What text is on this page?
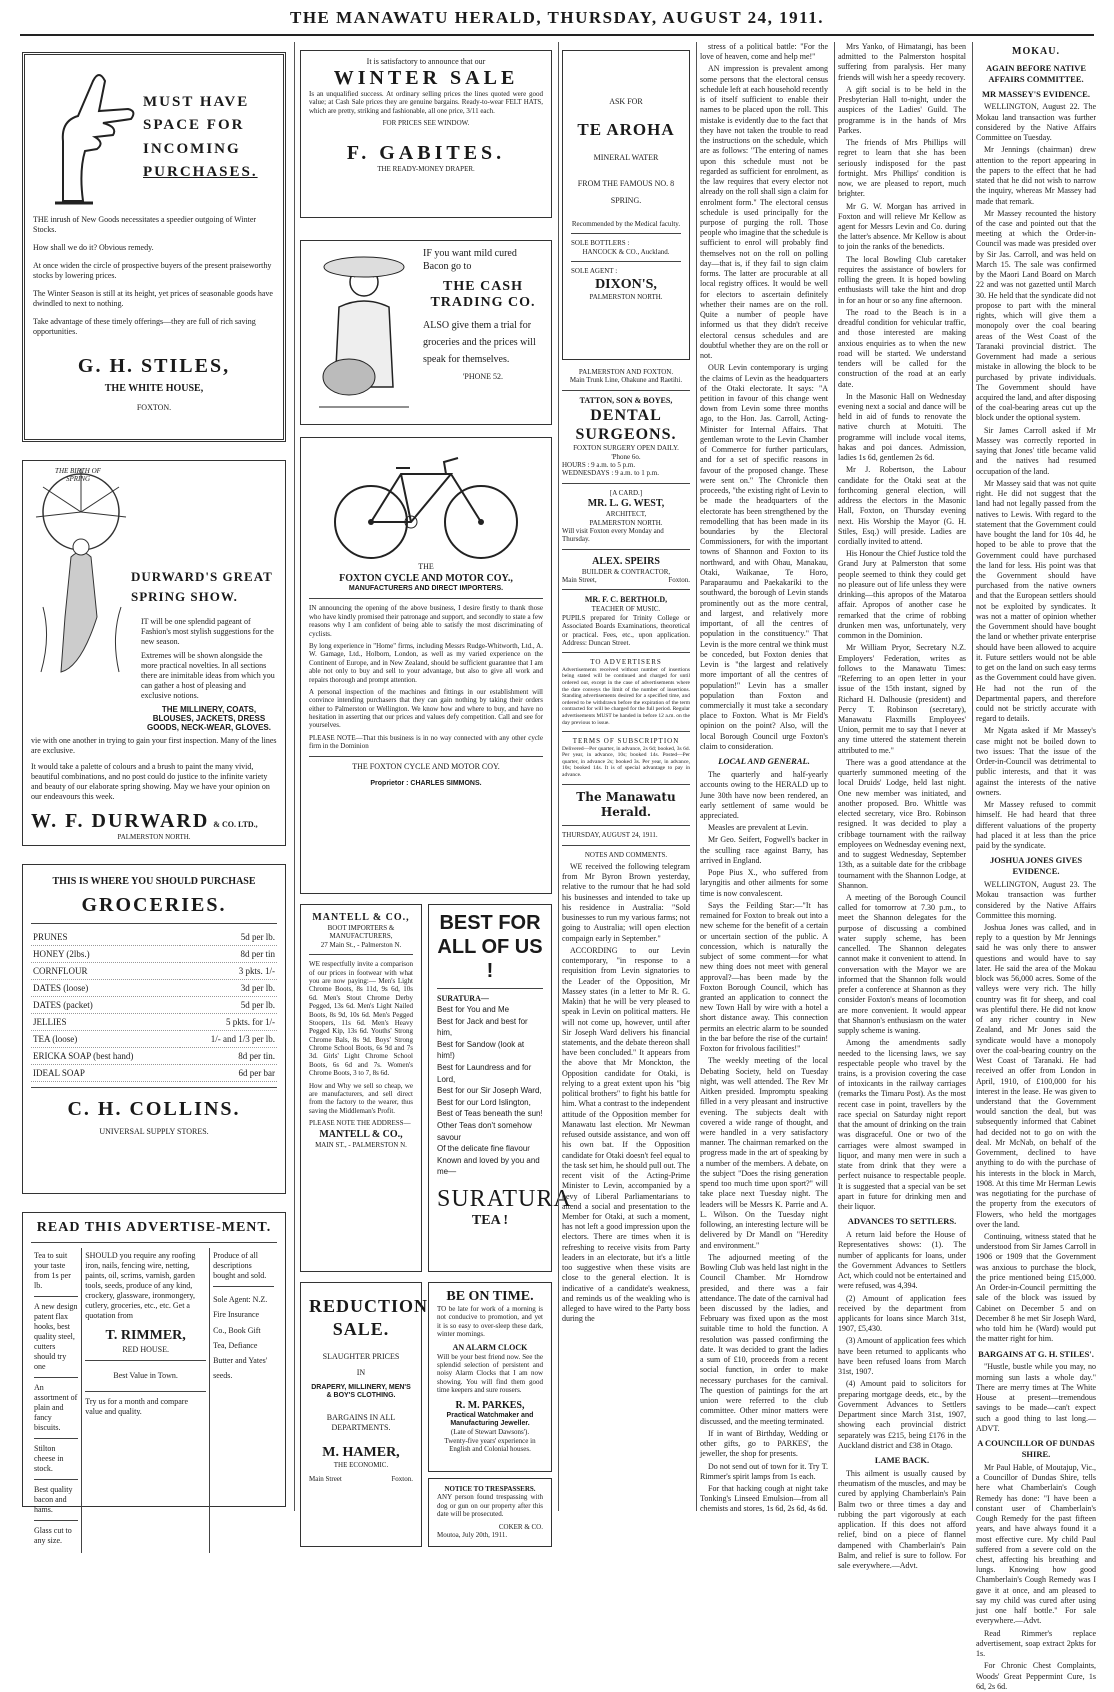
THE MANAWATU HERALD, THURSDAY, AUGUST 24, 1911.
MUST HAVE
SPACE FOR
INCOMING
PURCHASES.

THE inrush of New Goods necessitates a speedier outgoing of Winter Stocks.

How shall we do it? Obvious remedy.

At once widen the circle of prospective buyers of the present praiseworthy stocks by lowering prices.

The Winter Season is still at its height, yet prices of seasonable goods have dwindled to next to nothing.

Take advantage of these timely offerings—they are full of rich saving opportunities.

G. H. STILES,
THE WHITE HOUSE,
FOXTON.
DURWARD'S GREAT SPRING SHOW.
THE BIRTH OF SPRING

IT will be one splendid pageant of Fashion's most stylish suggestions for the new season.

Extremes will be shown alongside the more practical novelties. In all sections there are inimitable ideas from which you can gather a host of pleasing and exclusive notions.

THE MILLINERY, COATS, BLOUSES, JACKETS, DRESS GOODS, NECK-WEAR, GLOVES.

vie with one another in trying to gain your first inspection. Many of the lines are exclusive.

It would take a palette of colours and a brush to paint the many vivid, beautiful combinations, and no post could do justice to the infinite variety and beauty of our elaborate spring showing. May we have your opinion on our endeavours this week.

W. F. DURWARD & CO. LTD.,
PALMERSTON NORTH.
THIS IS WHERE YOU SHOULD PURCHASE
GROCERIES.
PRUNES	5d per lb.
HONEY (2lbs.)	8d per tin
CORNFLOUR	3 pkts. 1/-
DATES (loose)	3d per lb.
DATES (packet)	5d per lb.
JELLIES	5 pkts. for 1/-
TEA (loose)	1/- and 1/3 per lb.
ERICKA SOAP (best hand)	8d per tin.
IDEAL SOAP	6d per bar
C. H. COLLINS.
UNIVERSAL SUPPLY STORES.
READ THIS ADVERTISE-MENT.

Tea to suit your taste from 1s per lb.

A new design patent flax hooks, best quality steel, cutters should try one

An assortment of plain and fancy biscuits.

Stilton cheese in stock.

Best quality bacon and hams.

Glass cut to any size.

SHOULD you require any roofing iron, nails, fencing wire, netting, paints, oil, scrims, varnish, garden tools, seeds, produce of any kind, crockery, glassware, ironmongery, cutlery, groceries, etc., etc. Get a quotation from

T. RIMMER,
RED HOUSE.
Best Value in Town.

Try us for a month and compare value and quality.

Produce of all descriptions bought and sold.

Sole Agent: N.Z. Fire Insurance Co., Book Gift Tea, Defiance Butter and Yates' seeds.

It is satisfactory to announce that our
WINTER SALE

Is an unqualified success. At ordinary selling prices the lines quoted were good value; at Cash Sale prices they are genuine bargains. Ready-to-wear FELT HATS, which are pretty, striking and fashionable, all one price, 3/11 each.

FOR PRICES SEE WINDOW.
F. GABITES.
THE READY-MONEY DRAPER.

IF you want mild cured Bacon go to

THE CASH TRADING CO.

ALSO give them a trial for groceries and the prices will speak for themselves.

'PHONE 52.
THE
FOXTON CYCLE AND MOTOR COY.,
MANUFACTURERS AND DIRECT IMPORTERS.

IN announcing the opening of the above business, I desire firstly to thank those who have kindly promised their patronage and support, and secondly to state a few reasons why I am confident of being able to satisfy the most discriminating of cyclists.

By long experience in "Home" firms, including Messrs Rudge-Whitworth, Ltd., A. W. Gamage, Ltd., Holborn, London, as well as my varied experience on the Continent of Europe, and in New Zealand, should be sufficient guarantee that I am able not only to buy and sell to your advantage, but also to give all work and repairs thorough and prompt attention.

A personal inspection of the machines and fittings in our establishment will convince intending purchasers that they can gain nothing by taking their orders either to Palmerston or Wellington. We know how and where to buy, and have no hesitation in asserting that our prices and values defy competition. Call and see for yourselves.

PLEASE NOTE—That this business is in no way connected with any other cycle firm in the Dominion

THE FOXTON CYCLE AND MOTOR COY.
Proprietor : CHARLES SIMMONS.
MANTELL & CO.,
BOOT IMPORTERS & MANUFACTURERS,
27 Main St., - Palmerston N.

WE respectfully invite a comparison of our prices in footwear with what you are now paying:— Men's Light Chrome Boots, 8s 11d, 9s 6d, 10s 6d. Men's Stout Chrome Derby Pegged, 13s 6d. Men's Light Nailed Boots, 8s 9d, 10s 6d. Men's Pegged Stoopers, 11s 6d. Men's Heavy Pegged Kip, 13s 6d. Youths' Strong Chrome Bals, 8s 9d. Boys' Strong Chrome School Boots, 6s 9d and 7s 3d. Girls' Light Chrome School Boots, 6s 6d and 7s. Women's Chrome Boots, 3 to 7, 8s 6d.

How and Why we sell so cheap, we are manufacturers, and sell direct from the factory to the wearer, thus saving the Middleman's Profit.

PLEASE NOTE THE ADDRESS—
MANTELL & CO.,
MAIN ST., - PALMERSTON N.
BEST FOR ALL OF US !
SURATURA—
Best for You and Me
Best for Jack and best for him,
Best for Sandow (look at him!)
Best for Laundress and for Lord,
Best for our Sir Joseph Ward,
Best for our Lord Islington,
Best of Teas beneath the sun!
Other Teas don't somehow savour
Of the delicate fine flavour
Known and loved by you and me—
SURATURA
TEA !
REDUCTION SALE.
SLAUGHTER PRICES
IN
DRAPERY, MILLINERY, MEN'S & BOY'S CLOTHING.
BARGAINS IN ALL DEPARTMENTS.
M. HAMER,
THE ECONOMIC.
Main Street	Foxton.
BE ON TIME.

TO be late for work of a morning is not conducive to promotion, and yet it is so easy to over-sleep these dark, winter mornings.

AN ALARM CLOCK

Will be your best friend now. See the splendid selection of persistent and noisy Alarm Clocks that I am now showing. You will find them good time keepers and sure rousers.

R. M. PARKES,
Practical Watchmaker and Manufacturing Jeweller.
(Late of Stewart Dawsons').
Twenty-five years' experience in English and Colonial houses.
NOTICE TO TRESPASSERS.

ANY person found trespassing with dog or gun on our property after this date will be prosecuted.

COKER & CO.
Moutoa, July 20th, 1911.
ASK FOR
TE AROHA
MINERAL WATER
FROM THE FAMOUS NO. 8 SPRING.
Recommended by the Medical faculty.
SOLE BOTTLERS :
HANCOCK & CO., Auckland.
SOLE AGENT :
DIXON'S,
PALMERSTON NORTH.
PALMERSTON AND FOXTON.
Main Trunk Line, Ohakune and Raetihi.
TATTON, SON & BOYES,
DENTAL SURGEONS.
FOXTON SURGERY OPEN DAILY.
'Phone 6o.
HOURS : 9 a.m. to 5 p.m.
WEDNESDAYS : 9 a.m. to 1 p.m.
[A CARD.]
MR. L. G. WEST,
ARCHITECT,
PALMERSTON NORTH.
Will visit Foxton every Monday and Thursday.
ALEX. SPEIRS
BUILDER & CONTRACTOR,
Main Street,	Foxton.
MR. F. C. BERTHOLD,
TEACHER OF MUSIC.

PUPILS prepared for Trinity College or Associated Boards Examinations, theoretical or practical. Fees, etc., upon application. Address: Duncan Street.

TO ADVERTISERS

Advertisements received without number of insertions being stated will be continued and charged for until ordered out, except in the case of advertisements where the date conveys the limit of the number of insertions. Standing advertisements desired for a specified time, and ordered to be withdrawn before the expiration of the term contracted for will be charged for the full period. Regular advertisements MUST be handed in before 12 a.m. on the day previous to issue.

TERMS OF SUBSCRIPTION

Delivered—Per quarter, in advance, 2s 6d; booked, 3s 6d. Per year, in advance, 10s; booked 14s. Posted—Per quarter, in advance 2s; booked 3s. Per year, in advance, 10s; booked 14s. It is of special advantage to pay in advance.

The Manawatu Herald.
THURSDAY, AUGUST 24, 1911.
NOTES AND COMMENTS.

WE received the following telegram from Mr Byron Brown yesterday, relative to the rumour that he had sold his businesses and intended to take up his residence in Australia: "Sold businesses to run my various farms; not going to Australia; will open election compaign early in September."

ACCORDING to our Levin contemporary, "in response to a requisition from Levin signatories to the Leader of the Opposition, Mr Massey states (in a letter to Mr R. G. Makin) that he will be very pleased to speak in Levin on political matters. He will not come up, however, until after Sir Joseph Ward delivers his financial statements, and the debate thereon shall have been concluded." It appears from the above that Mr Monckton, the Opposition candidate for Otaki, is relying to a great extent upon his "big political brothers" to fight his battle for him. What a contrast to the independent attitude of the Opposition member for Manawatu last election. Mr Newman refused outside assistance, and won off his own bat. If the Opposition candidate for Otaki doesn't feel equal to the task set him, he should pull out. The recent visit of the Acting-Prime Minister to Levin, accompanied by a bevy of Liberal Parliamentarians to attend a social and presentation to the Member for Otaki, at such a moment, has not left a good impression upon the electors. There are times when it is refreshing to receive visits from Party leaders in an electorate, but it's a little too suggestive when these visits are close to the general election. It is indicative of a candidate's weakness, and reminds us of the weakling who is alleged to have wired to the Party boss during the

stress of a political battle: "For the love of heaven, come and help me!"

AN impression is prevalent among some persons that the electoral census schedule left at each household recently is of itself sufficient to enable their names to be placed upon the roll. This mistake is evidently due to the fact that they have not taken the trouble to read the instructions on the schedule, which are as follows: "The entering of names upon this schedule must not be regarded as sufficient for enrolment, as the law requires that every elector not already on the roll shall sign a claim for enrolment form." The electoral census schedule is used principally for the purpose of purging the roll. Those people who imagine that the schedule is sufficient to enrol will probably find themselves not on the roll on polling day—that is, if they fail to sign claim forms. The latter are procurable at all local registry offices. It would be well for electors to ascertain definitely whether their names are on the roll. Quite a number of people have informed us that they didn't receive electoral census schedules and are doubtful whether they are on the roll or not.

OUR Levin contemporary is urging the claims of Levin as the headquarters of the Otaki electorate. It says: "A petition in favour of this change went down from Levin some three months ago, to the Hon. Jas. Carroll, Acting-Minister for Internal Affairs. That gentleman wrote to the Levin Chamber of Commerce for further particulars, and for a set of specific reasons in favour of the proposed change. These were sent on." The Chronicle then proceeds, "the existing right of Levin to be made the headquarters of the electorate has been strengthened by the remodelling that has been made in its boundaries by the Electoral Commissioners, for with the important towns of Shannon and Foxton to its northward, and with Ohau, Manakau, Otaki, Waikanae, Te Horo, Paraparaumu and Paekakariki to the southward, the borough of Levin stands prominently out as the more central, and largest, and relatively more important, of all the centres of population in the constituency." That Levin is the more central we think must be conceded, but Foxton denies that Levin is "the largest and relatively more important of all the centres of population!" Levin has a smaller population than Foxton and commercially it must take a secondary place to Foxton. What is Mr Field's opinion on the point? Also, will the local Borough Council urge Foxton's claim to consideration.

LOCAL AND GENERAL.

The quarterly and half-yearly accounts owing to the HERALD up to June 30th have now been rendered, an early settlement of same would be appreciated.

Measles are prevalent at Levin.

Mr Geo. Seifert, Fogwell's backer in the sculling race against Barry, has arrived in England.

Pope Pius X., who suffered from laryngitis and other ailments for some time is now convalescent.

Says the Feilding Star:—"It has remained for Foxton to break out into a new scheme for the benefit of a certain or uncertain section of the public. A concession, which is naturally the subject of some comment—for what new thing does not meet with general approval?—has been made by the Foxton Borough Council, which has granted an application to connect the new Town Hall by wire with a hotel a short distance away. This connection permits an electric alarm to be sounded in the bar before the rise of the curtain! Foxton for frivolous facilities!"

The weekly meeting of the local Debating Society, held on Tuesday night, was well attended. The Rev Mr Aitken presided. Impromptu speaking filled in a very pleasant and instructive evening. The subjects dealt with covered a wide range of thought, and were handled in a very satisfactory manner. The chairman remarked on the progress made in the art of speaking by a number of the members. A debate, on the subject "Does the rising generation spend too much time upon sport?" will take place next Tuesday night. The leaders will be Messrs K. Parrie and A. L. Wilson. On the Tuesday night following, an interesting lecture will be delivered by Dr Mandl on "Heredity and environment."

The adjourned meeting of the Bowling Club was held last night in the Council Chamber. Mr Horndrow presided, and there was a fair attendance. The date of the carnival had been discussed by the ladies, and February was fixed upon as the most suitable time to hold the function. A resolution was passed confirming the date. It was decided to grant the ladies a sum of £10, proceeds from a recent social function, in order to make necessary purchases for the carnival. The question of paintings for the art union were referred to the club committee. Other minor matters were discussed, and the meeting terminated.

If in want of Birthday, Wedding or other gifts, go to PARKES', the jeweller, the shop for presents.

Do not send out of town for it. Try T. Rimmer's spirit lamps from 1s each.

For that hacking cough at night take Tonking's Linseed Emulsion—from all chemists and stores, 1s 6d, 2s 6d, 4s 6d.

Mrs Yanko, of Himatangi, has been admitted to the Palmerston hospital suffering from paralysis. Her many friends will wish her a speedy recovery.

A gift social is to be held in the Presbyterian Hall to-night, under the auspices of the Ladies' Guild. The programme is in the hands of Mrs Parkes.

The friends of Mrs Phillips will regret to learn that she has been seriously indisposed for the past fortnight. Mrs Phillips' condition is now, we are pleased to report, much brighter.

Mr G. W. Morgan has arrived in Foxton and will relieve Mr Kellow as agent for Messrs Levin and Co. during the latter's absence. Mr Kellow is about to join the ranks of the benedicts.

The local Bowling Club caretaker requires the assistance of bowlers for rolling the green. It is hoped bowling enthusiasts will take the hint and drop in for an hour or so any fine afternoon.

The road to the Beach is in a dreadful condition for vehicular traffic, and those interested are making anxious enquiries as to when the new road will be started. We understand tenders will be called for the construction of the road at an early date.

In the Masonic Hall on Wednesday evening next a social and dance will be held in aid of funds to renovate the native church at Motuiti. The programme will include vocal items, hakas and poi dances. Admission, ladies 1s 6d, gentlemen 2s 6d.

Mr J. Robertson, the Labour candidate for the Otaki seat at the forthcoming general election, will address the electors in the Masonic Hall, Foxton, on Thursday evening next. His Worship the Mayor (G. H. Stiles, Esq.) will preside. Ladies are cordially invited to attend.

His Honour the Chief Justice told the Grand Jury at Palmerston that some people seemed to think they could get no pleasure out of life unless they were drinking—this apropos of the Mataroa affair. Apropos of another case he remarked that the crime of robbing drunken men was, unfortunately, very common in the Dominion.

Mr William Pryor, Secretary N.Z. Employers' Federation, writes as follows to the Manawatu Times: "Referring to an open letter in your issue of the 15th instant, signed by Richard H. Dalhousie (president) and Percy T. Robinson (secretary), Manawatu Flaxmills Employees' Union, permit me to say that I never at any time uttered the statement therein attributed to me."

There was a good attendance at the quarterly summoned meeting of the local Druids' Lodge, held last night. One new member was initiated, and another proposed. Bro. Whittle was elected secretary, vice Bro. Robinson resigned. It was decided to play a cribbage tournament with the railway employees on Wednesday evening next, and to suggest Wednesday, September 13th, as a suitable date for the cribbage tournament with the Shannon Lodge, at Shannon.

A meeting of the Borough Council called for tomorrow at 7.30 p.m., to meet the Shannon delegates for the purpose of discussing a combined water supply scheme, has been cancelled. The Shannon delegates cannot make it convenient to attend. In conversation with the Mayor we are informed that the Shannon folk would prefer a conference at Shannon as they consider Foxton's means of locomotion are more convenient. It would appear that Shannon's enthusiasm on the water supply scheme is waning.

Among the amendments sadly needed to the licensing laws, we say respectable people who travel by the trains, is a provision covering the case of intoxicants in the railway carriages (remarks the Timaru Post). As the most recent case in point, travellers by the race special on Saturday night report that the amount of drinking on the train was disgraceful. One or two of the carriages were almost swamped in liquor, and many men were in such a state from drink that they were a perfect nuisance to respectable people. It is suggested that a special van be set apart in future for drinking men and their liquor.

ADVANCES TO SETTLERS.

A return laid before the House of Representatives shows: (1). The number of applicants for loans, under the Government Advances to Settlers Act, which could not be entertained and were refused, was 4,394.

(2) Amount of application fees received by the department from applicants for loans since March 31st, 1907, £5,430.

(3) Amount of application fees which have been returned to applicants who have been refused loans from March 31st, 1907.

(4) Amount paid to solicitors for preparing mortgage deeds, etc., by the Government Advances to Settlers Department since March 31st, 1907, showing each provincial district separately was £215, being £176 in the Auckland district and £38 in Otago.

LAME BACK.

This ailment is usually caused by rheumatism of the muscles, and may be cured by applying Chamberlain's Pain Balm two or three times a day and rubbing the part vigorously at each application. If this does not afford relief, bind on a piece of flannel dampened with Chamberlain's Pain Balm, and relief is sure to follow. For sale everywhere.—Advt.

MOKAU.
AGAIN BEFORE NATIVE AFFAIRS COMMITTEE.
MR MASSEY'S EVIDENCE.

WELLINGTON, August 22. The Mokau land transaction was further considered by the Native Affairs Committee on Tuesday.

Mr Jennings (chairman) drew attention to the report appearing in the papers to the effect that he had stated that he did not wish to narrow the inquiry, whereas Mr Massey had made that remark.

Mr Massey recounted the history of the case and pointed out that the meeting at which the Order-in-Council was made was presided over by Sir Jas. Carroll, and was held on March 15. The sale was confirmed by the Maori Land Board on March 22 and was not gazetted until March 30. He held that the syndicate did not propose to part with the mineral rights, which will give them a monopoly over the coal bearing areas of the West Coast of the Taranaki provincial district. The Government had made a serious mistake in allowing the block to be purchased by private individuals. The Government should have acquired the land, and after disposing of the coal-bearing areas cut up the block under the optional system.

Sir James Carroll asked if Mr Massey was correctly reported in saying that Jones' title became valid and the natives had resumed occupation of the land.

Mr Massey said that was not quite right. He did not suggest that the land had not legally passed from the natives to Lewis. With regard to the statement that the Government could have bought the land for 10s 4d, he hoped to be able to prove that the Government could have purchased the land for less. His point was that the Government should have purchased from the native owners and that the European settlers should not be exploited by syndicates. It was not a matter of opinion whether the Government should have bought the land or whether private enterprise should have been allowed to acquire it. Future settlers would not be able to get on the land on such easy terms as the Government could have given. He had not the run of the Departmental papers, and therefore could not be strictly accurate with regard to details.

Mr Ngata asked if Mr Massey's case might not be boiled down to two issues: That the issue of the Order-in-Council was detrimental to public interests, and that it was against the interests of the native owners.

Mr Massey refused to commit himself. He had heard that three different valuations of the property had placed it at less than the price paid by the syndicate.

JOSHUA JONES GIVES EVIDENCE.

WELLINGTON, August 23. The Mokau transaction was further considered by the Native Affairs Committee this morning.

Joshua Jones was called, and in reply to a question by Mr Jennings said he was only there to answer questions and would have to say later. He said the area of the Mokau block was 56,000 acres. Some of the valleys were very rich. The hilly country was fit for sheep, and coal was plentiful there. He did not know of any richer country in New Zealand, and Mr Jones said the syndicate would have a monopoly over the coal-bearing country on the West Coast of Taranaki. He had received an offer from London in April, 1910, of £100,000 for his interest in the lease. He was given to understand that the Government would sanction the deal, but was subsequently informed that Cabinet had decided not to go on with the deal. Mr McNab, on behalf of the Government, declined to have anything to do with the purchase of his interests in the block in March, 1908. At this time Mr Herman Lewis was negotiating for the purchase of the property from the executors of Flowers, who held the mortgages over the land.

Continuing, witness stated that he understood from Sir James Carroll in 1906 or 1909 that the Government was anxious to purchase the block, the price mentioned being £15,000. An Order-in-Council permitting the sale of the block was issued by Cabinet on December 5 and on December 8 he met Sir Joseph Ward, who told him he (Ward) would put the matter right for him.

BARGAINS AT G. H. STILES'.

"Hustle, bustle while you may, no morning sun lasts a whole day." There are merry times at The White House at present—tremendous savings to be made—can't expect such a good thing to last long.—ADVT.

A COUNCILLOR OF DUNDAS SHIRE.

Mr Paul Hable, of Moutajup, Vic., a Councillor of Dundas Shire, tells here what Chamberlain's Cough Remedy has done: "I have been a constant user of Chamberlain's Cough Remedy for the past fifteen years, and have always found it a most effective cure. My child Paul suffered from a severe cold on the chest, affecting his breathing and lungs. Knowing how good Chamberlain's Cough Remedy was I gave it at once, and am pleased to say my child was cured after using just one half bottle." For sale everywhere.—Advt.

Read Rimmer's replace advertisement, soap extract 2pkts for 1s.

For Chronic Chest Complaints, Woods' Great Peppermint Cure, 1s 6d, 2s 6d.
